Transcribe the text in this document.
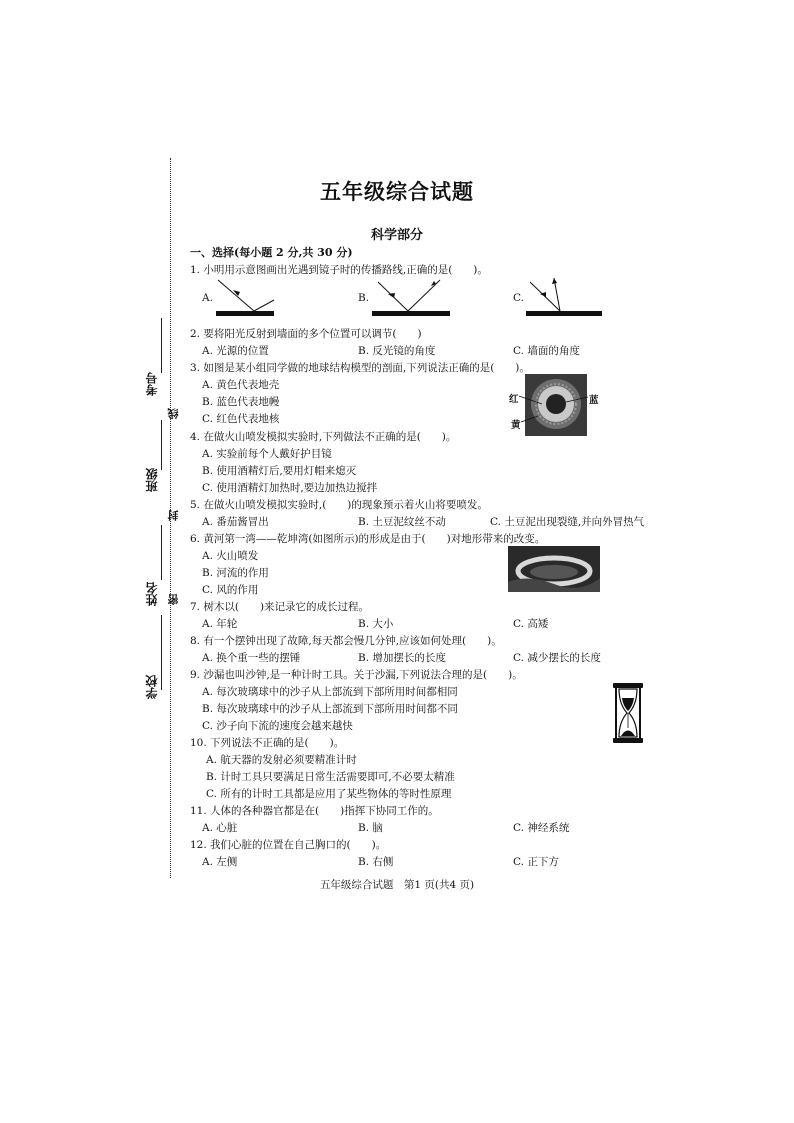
考号
线
班级
封
姓名 密
学校
五年级综合试题
科学部分
一、选择(每小题 2 分,共 30 分)
1. 小明用示意图画出光遇到镜子时的传播路线,正确的是(　　)。
A.	B.	C.
2. 要将阳光反射到墙面的多个位置可以调节(　　)
A. 光源的位置	B. 反光镜的角度	C. 墙面的角度
3. 如图是某小组同学做的地球结构模型的剖面,下列说法正确的是(　　)。
A. 黄色代表地壳
B. 蓝色代表地幔
C. 红色代表地核
红	蓝
黄
4. 在做火山喷发模拟实验时,下列做法不正确的是(　　)。
A. 实验前每个人戴好护目镜
B. 使用酒精灯后,要用灯帽来熄灭
C. 使用酒精灯加热时,要边加热边搅拌
5. 在做火山喷发模拟实验时,(　　)的现象预示着火山将要喷发。
A. 番茄酱冒出	B. 土豆泥纹丝不动	C. 土豆泥出现裂缝,并向外冒热气
6. 黄河第一湾——乾坤湾(如图所示)的形成是由于(　　)对地形带来的改变。
A. 火山喷发
B. 河流的作用
C. 风的作用
7. 树木以(　　)来记录它的成长过程。
A. 年轮	B. 大小	C. 高矮
8. 有一个摆钟出现了故障,每天都会慢几分钟,应该如何处理(　　)。
A. 换个重一些的摆锤	B. 增加摆长的长度	C. 减少摆长的长度
9. 沙漏也叫沙钟,是一种计时工具。关于沙漏,下列说法合理的是(　　)。
A. 每次玻璃球中的沙子从上部流到下部所用时间都相同
B. 每次玻璃球中的沙子从上部流到下部所用时间都不同
C. 沙子向下流的速度会越来越快
10. 下列说法不正确的是(　　)。
A. 航天器的发射必须要精准计时
B. 计时工具只要满足日常生活需要即可,不必要太精准
C. 所有的计时工具都是应用了某些物体的等时性原理
11. 人体的各种器官都是在(　　)指挥下协同工作的。
A. 心脏	B. 脑	C. 神经系统
12. 我们心脏的位置在自己胸口的(　　)。
A. 左侧	B. 右侧	C. 正下方
五年级综合试题　第1 页(共4 页)
